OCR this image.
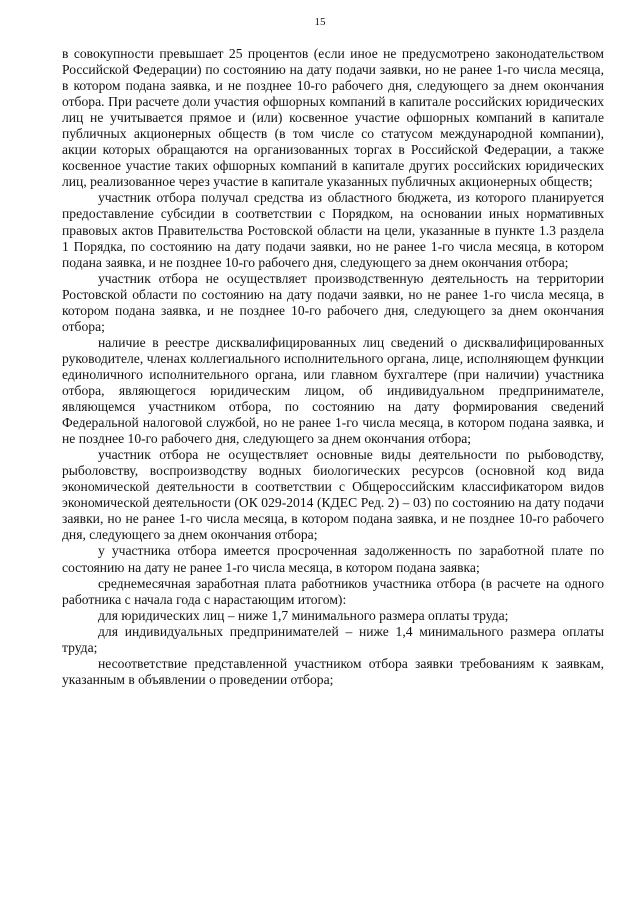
15

в совокупности превышает 25 процентов (если иное не предусмотрено законодательством Российской Федерации) по состоянию на дату подачи заявки, но не ранее 1-го числа месяца, в котором подана заявка, и не позднее 10-го рабочего дня, следующего за днем окончания отбора. При расчете доли участия офшорных компаний в капитале российских юридических лиц не учитывается прямое и (или) косвенное участие офшорных компаний в капитале публичных акционерных обществ (в том числе со статусом международной компании), акции которых обращаются на организованных торгах в Российской Федерации, а также косвенное участие таких офшорных компаний в капитале других российских юридических лиц, реализованное через участие в капитале указанных публичных акционерных обществ;

участник отбора получал средства из областного бюджета, из которого планируется предоставление субсидии в соответствии с Порядком, на основании иных нормативных правовых актов Правительства Ростовской области на цели, указанные в пункте 1.3 раздела 1 Порядка, по состоянию на дату подачи заявки, но не ранее 1-го числа месяца, в котором подана заявка, и не позднее 10-го рабочего дня, следующего за днем окончания отбора;

участник отбора не осуществляет производственную деятельность на территории Ростовской области по состоянию на дату подачи заявки, но не ранее 1-го числа месяца, в котором подана заявка, и не позднее 10-го рабочего дня, следующего за днем окончания отбора;

наличие в реестре дисквалифицированных лиц сведений о дисквалифицированных руководителе, членах коллегиального исполнительного органа, лице, исполняющем функции единоличного исполнительного органа, или главном бухгалтере (при наличии) участника отбора, являющегося юридическим лицом, об индивидуальном предпринимателе, являющемся участником отбора, по состоянию на дату формирования сведений Федеральной налоговой службой, но не ранее 1-го числа месяца, в котором подана заявка, и не позднее 10-го рабочего дня, следующего за днем окончания отбора;

участник отбора не осуществляет основные виды деятельности по рыбоводству, рыболовству, воспроизводству водных биологических ресурсов (основной код вида экономической деятельности в соответствии с Общероссийским классификатором видов экономической деятельности (ОК 029-2014 (КДЕС Ред. 2) – 03) по состоянию на дату подачи заявки, но не ранее 1-го числа месяца, в котором подана заявка, и не позднее 10-го рабочего дня, следующего за днем окончания отбора;

у участника отбора имеется просроченная задолженность по заработной плате по состоянию на дату не ранее 1-го числа месяца, в котором подана заявка;

среднемесячная заработная плата работников участника отбора (в расчете на одного работника с начала года с нарастающим итогом):

для юридических лиц – ниже 1,7 минимального размера оплаты труда;

для индивидуальных предпринимателей – ниже 1,4 минимального размера оплаты труда;

несоответствие представленной участником отбора заявки требованиям к заявкам, указанным в объявлении о проведении отбора;
